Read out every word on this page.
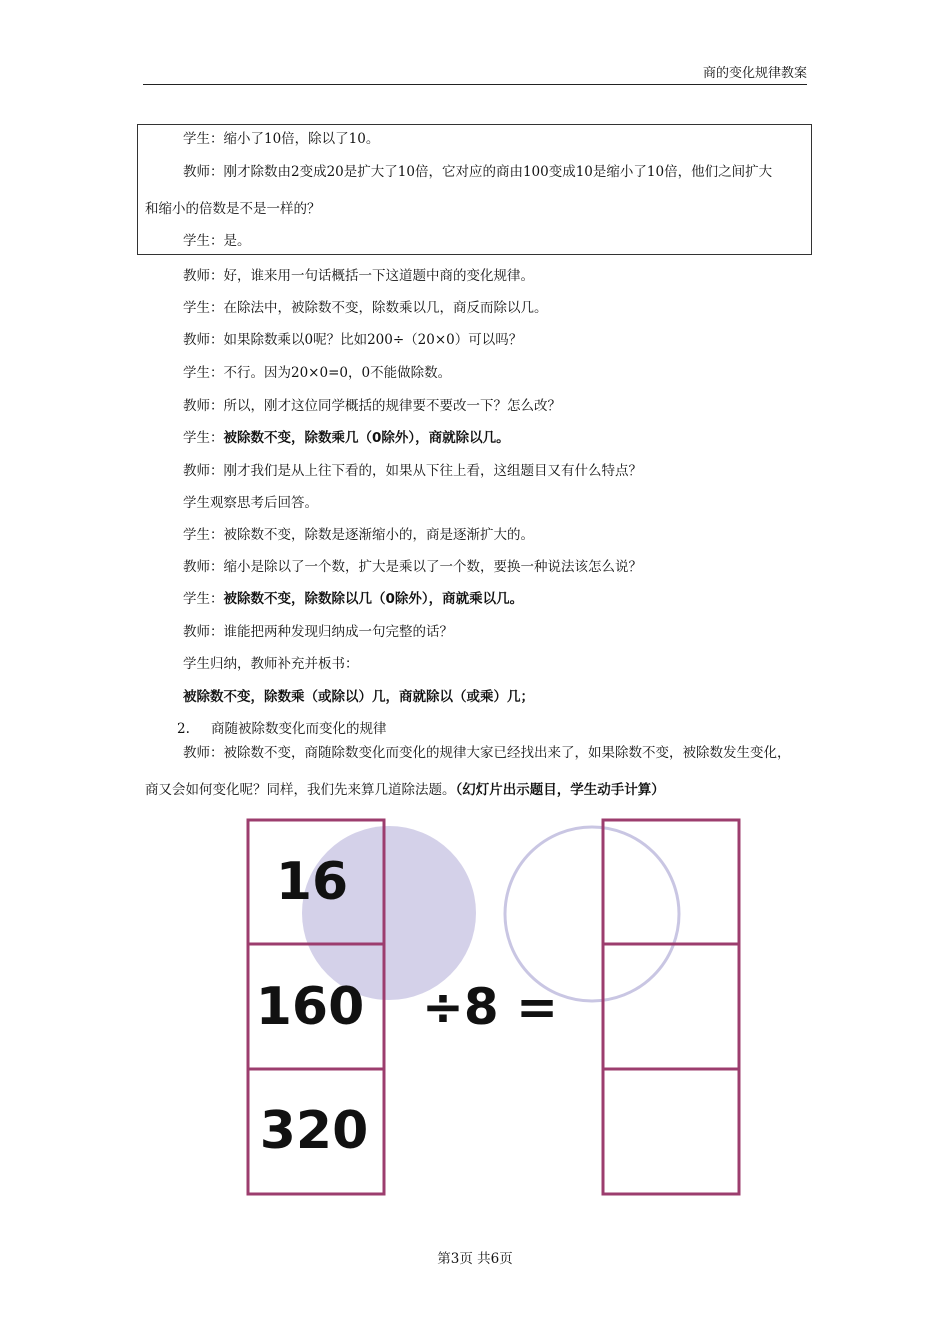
商的变化规律教案
学生：缩小了10倍，除以了10。
教师：刚才除数由2变成20是扩大了10倍，它对应的商由100变成10是缩小了10倍，他们之间扩大
和缩小的倍数是不是一样的？
学生：是。
教师：好，谁来用一句话概括一下这道题中商的变化规律。
学生：在除法中，被除数不变，除数乘以几，商反而除以几。
教师：如果除数乘以0呢？比如200÷（20×0）可以吗？
学生：不行。因为20×0=0，0不能做除数。
教师：所以，刚才这位同学概括的规律要不要改一下？怎么改？
学生：被除数不变，除数乘几（0除外），商就除以几。
教师：刚才我们是从上往下看的，如果从下往上看，这组题目又有什么特点？
学生观察思考后回答。
学生：被除数不变，除数是逐渐缩小的，商是逐渐扩大的。
教师：缩小是除以了一个数，扩大是乘以了一个数，要换一种说法该怎么说？
学生：被除数不变，除数除以几（0除外），商就乘以几。
教师：谁能把两种发现归纳成一句完整的话？
学生归纳，教师补充并板书：
被除数不变，除数乘（或除以）几，商就除以（或乘）几；
2. 商随被除数变化而变化的规律
教师：被除数不变，商随除数变化而变化的规律大家已经找出来了，如果除数不变，被除数发生变化，
商又会如何变化呢？同样，我们先来算几道除法题。（幻灯片出示题目，学生动手计算）
16
160
320
÷8 =
第3页 共6页
